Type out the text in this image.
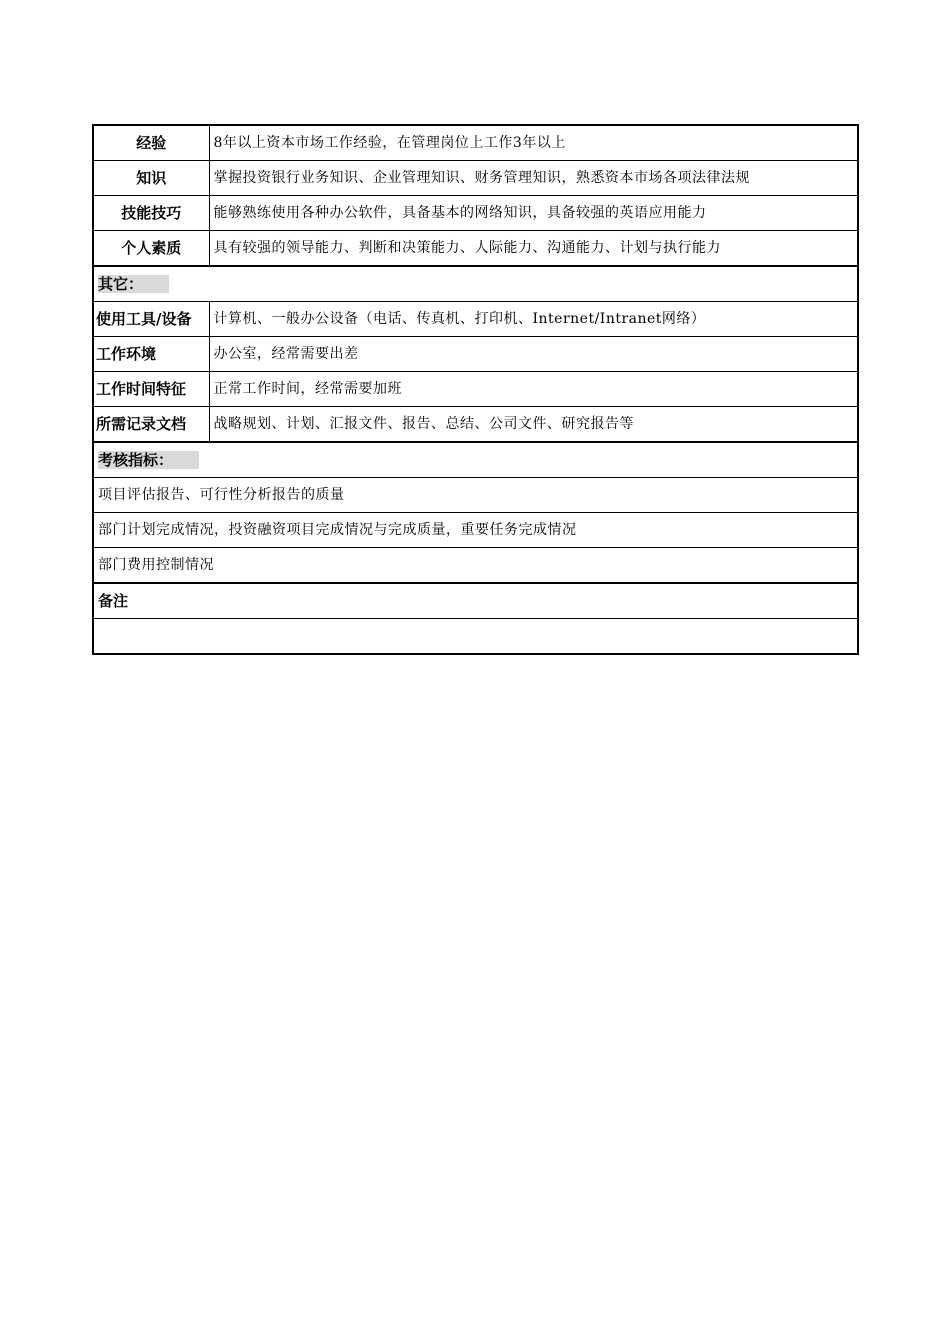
经验	8年以上资本市场工作经验，在管理岗位上工作3年以上
知识	掌握投资银行业务知识、企业管理知识、财务管理知识，熟悉资本市场各项法律法规
技能技巧	能够熟练使用各种办公软件，具备基本的网络知识，具备较强的英语应用能力
个人素质	具有较强的领导能力、判断和决策能力、人际能力、沟通能力、计划与执行能力
其它：	
使用工具/设备	计算机、一般办公设备（电话、传真机、打印机、Internet/Intranet网络）
工作环境	办公室，经常需要出差
工作时间特征	正常工作时间，经常需要加班
所需记录文档	战略规划、计划、汇报文件、报告、总结、公司文件、研究报告等
考核指标：	
项目评估报告、可行性分析报告的质量	
部门计划完成情况，投资融资项目完成情况与完成质量，重要任务完成情况	
部门费用控制情况	
备注	
